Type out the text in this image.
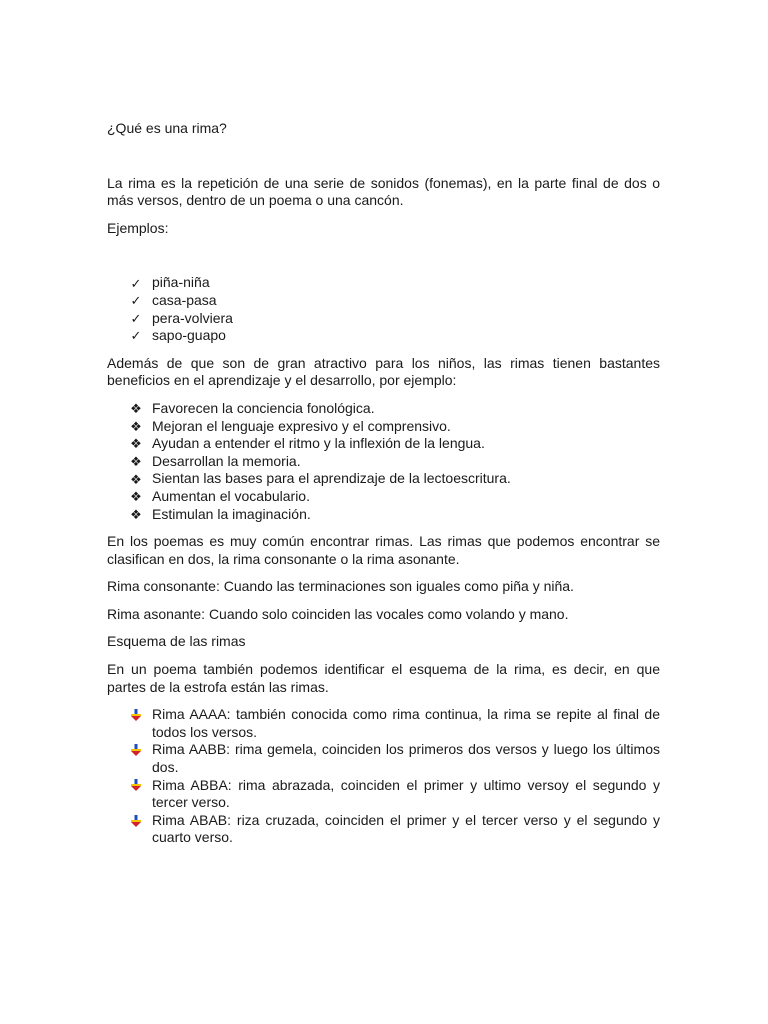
¿Qué es una rima?

La rima es la repetición de una serie de sonidos (fonemas), en la parte final de dos o más versos, dentro de un poema o una cancón.

Ejemplos:

✓ piña-niña
✓ casa-pasa
✓ pera-volviera
✓ sapo-guapo

Además de que son de gran atractivo para los niños, las rimas tienen bastantes beneficios en el aprendizaje y el desarrollo, por ejemplo:

❖ Favorecen la conciencia fonológica.
❖ Mejoran el lenguaje expresivo y el comprensivo.
❖ Ayudan a entender el ritmo y la inflexión de la lengua.
❖ Desarrollan la memoria.
❖ Sientan las bases para el aprendizaje de la lectoescritura.
❖ Aumentan el vocabulario.
❖ Estimulan la imaginación.

En los poemas es muy común encontrar rimas. Las rimas que podemos encontrar se clasifican en dos, la rima consonante o la rima asonante.

Rima consonante: Cuando las terminaciones son iguales como piña y niña.

Rima asonante: Cuando solo coinciden las vocales como volando y mano.

Esquema de las rimas

En un poema también podemos identificar el esquema de la rima, es decir, en que partes de la estrofa están las rimas.

Rima AAAA: también conocida como rima continua, la rima se repite al final de todos los versos.
Rima AABB: rima gemela, coinciden los primeros dos versos y luego los últimos dos.
Rima ABBA: rima abrazada, coinciden el primer y ultimo versoy el segundo y tercer verso.
Rima ABAB: riza cruzada, coinciden el primer y el tercer verso y el segundo y cuarto verso.
